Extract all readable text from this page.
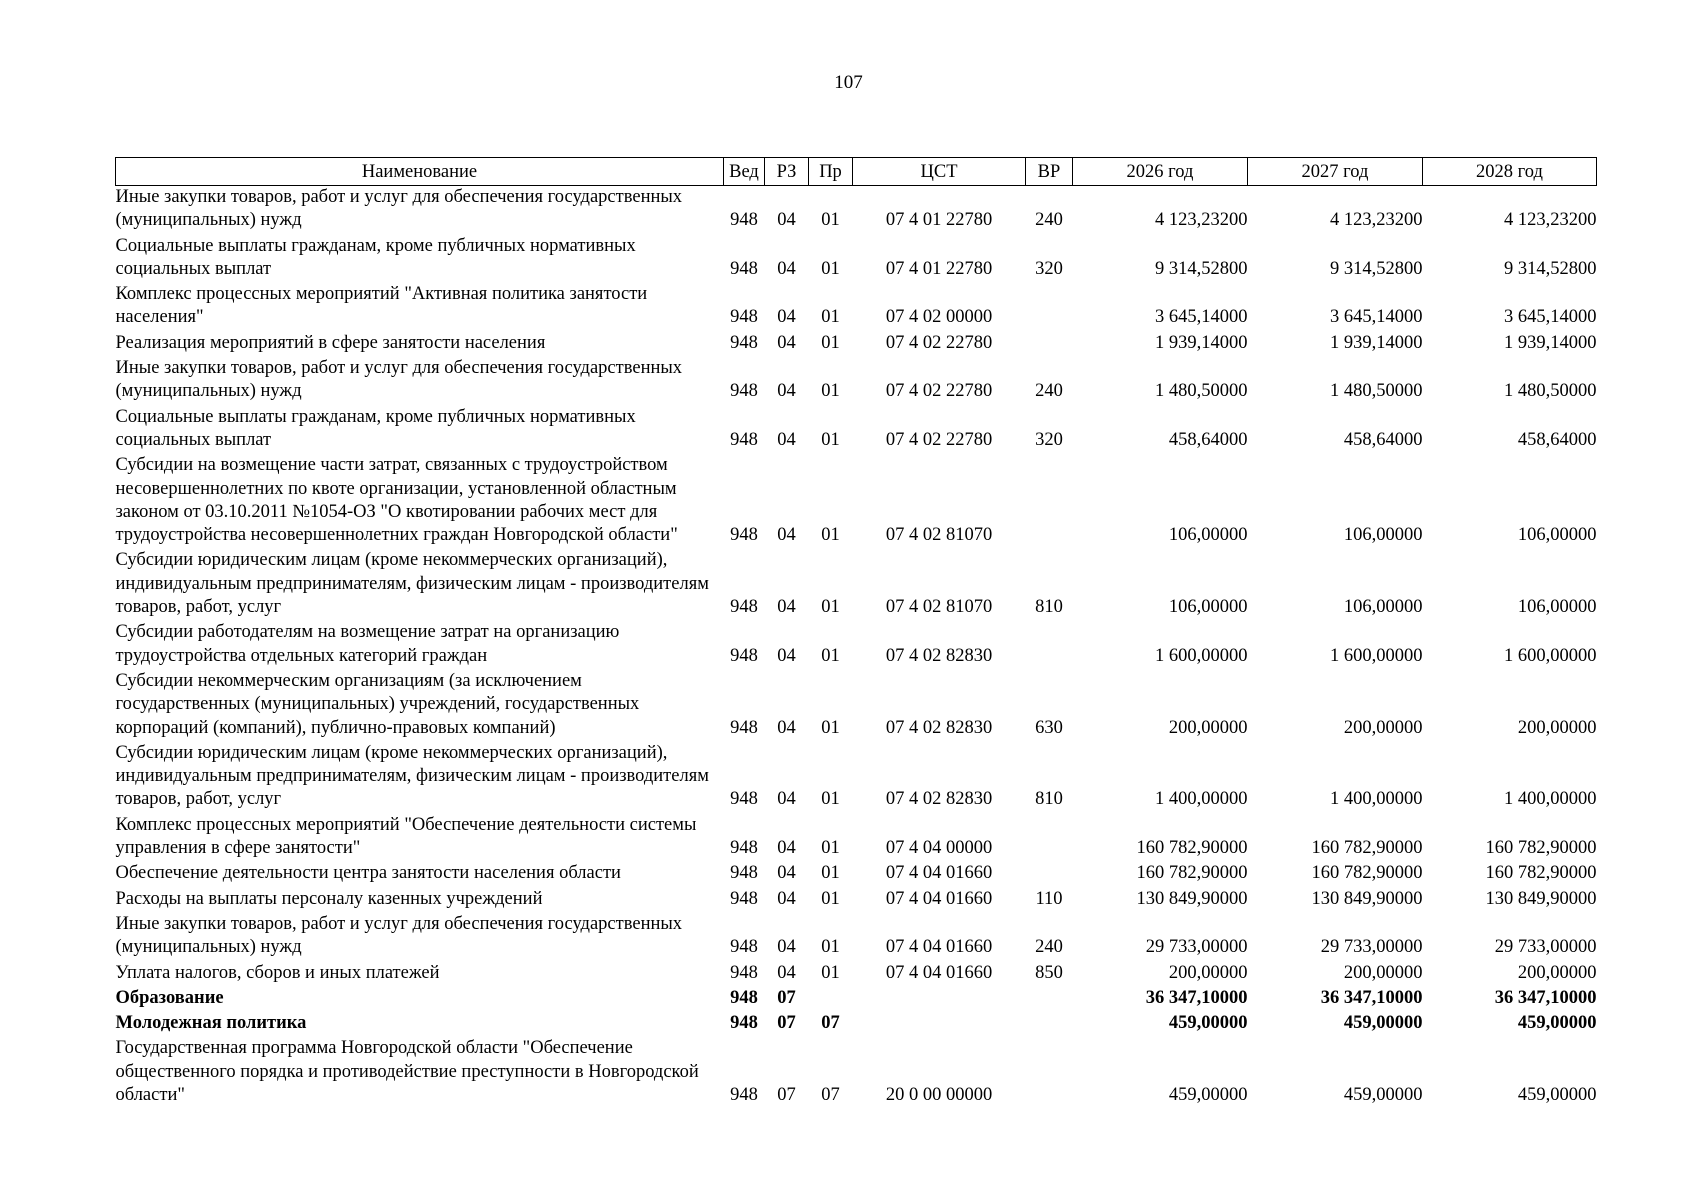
107
Наименование	Вед	РЗ	Пр	ЦСТ	ВР	2026 год	2027 год	2028 год
Иные закупки товаров, работ и услуг для обеспечения государственных (муниципальных) нужд	948	04	01	07 4 01 22780	240	4 123,23200	4 123,23200	4 123,23200
Социальные выплаты гражданам, кроме публичных нормативных социальных выплат	948	04	01	07 4 01 22780	320	9 314,52800	9 314,52800	9 314,52800
Комплекс процессных мероприятий "Активная политика занятости населения"	948	04	01	07 4 02 00000		3 645,14000	3 645,14000	3 645,14000
Реализация мероприятий в сфере занятости населения	948	04	01	07 4 02 22780		1 939,14000	1 939,14000	1 939,14000
Иные закупки товаров, работ и услуг для обеспечения государственных (муниципальных) нужд	948	04	01	07 4 02 22780	240	1 480,50000	1 480,50000	1 480,50000
Социальные выплаты гражданам, кроме публичных нормативных социальных выплат	948	04	01	07 4 02 22780	320	458,64000	458,64000	458,64000
Субсидии на возмещение части затрат, связанных с трудоустройством несовершеннолетних по квоте организации, установленной областным законом от 03.10.2011 №1054-ОЗ "О квотировании рабочих мест для трудоустройства несовершеннолетних граждан Новгородской области"	948	04	01	07 4 02 81070		106,00000	106,00000	106,00000
Субсидии юридическим лицам (кроме некоммерческих организаций), индивидуальным предпринимателям, физическим лицам - производителям товаров, работ, услуг	948	04	01	07 4 02 81070	810	106,00000	106,00000	106,00000
Субсидии работодателям на возмещение затрат на организацию трудоустройства отдельных категорий граждан	948	04	01	07 4 02 82830		1 600,00000	1 600,00000	1 600,00000
Субсидии некоммерческим организациям (за исключением государственных (муниципальных) учреждений, государственных корпораций (компаний), публично-правовых компаний)	948	04	01	07 4 02 82830	630	200,00000	200,00000	200,00000
Субсидии юридическим лицам (кроме некоммерческих организаций), индивидуальным предпринимателям, физическим лицам - производителям товаров, работ, услуг	948	04	01	07 4 02 82830	810	1 400,00000	1 400,00000	1 400,00000
Комплекс процессных мероприятий "Обеспечение деятельности системы управления в сфере занятости"	948	04	01	07 4 04 00000		160 782,90000	160 782,90000	160 782,90000
Обеспечение деятельности центра занятости населения области	948	04	01	07 4 04 01660		160 782,90000	160 782,90000	160 782,90000
Расходы на выплаты персоналу казенных учреждений	948	04	01	07 4 04 01660	110	130 849,90000	130 849,90000	130 849,90000
Иные закупки товаров, работ и услуг для обеспечения государственных (муниципальных) нужд	948	04	01	07 4 04 01660	240	29 733,00000	29 733,00000	29 733,00000
Уплата налогов, сборов и иных платежей	948	04	01	07 4 04 01660	850	200,00000	200,00000	200,00000
Образование	948	07				36 347,10000	36 347,10000	36 347,10000
Молодежная политика	948	07	07			459,00000	459,00000	459,00000
Государственная программа Новгородской области "Обеспечение общественного порядка и противодействие преступности в Новгородской области"	948	07	07	20 0 00 00000		459,00000	459,00000	459,00000
